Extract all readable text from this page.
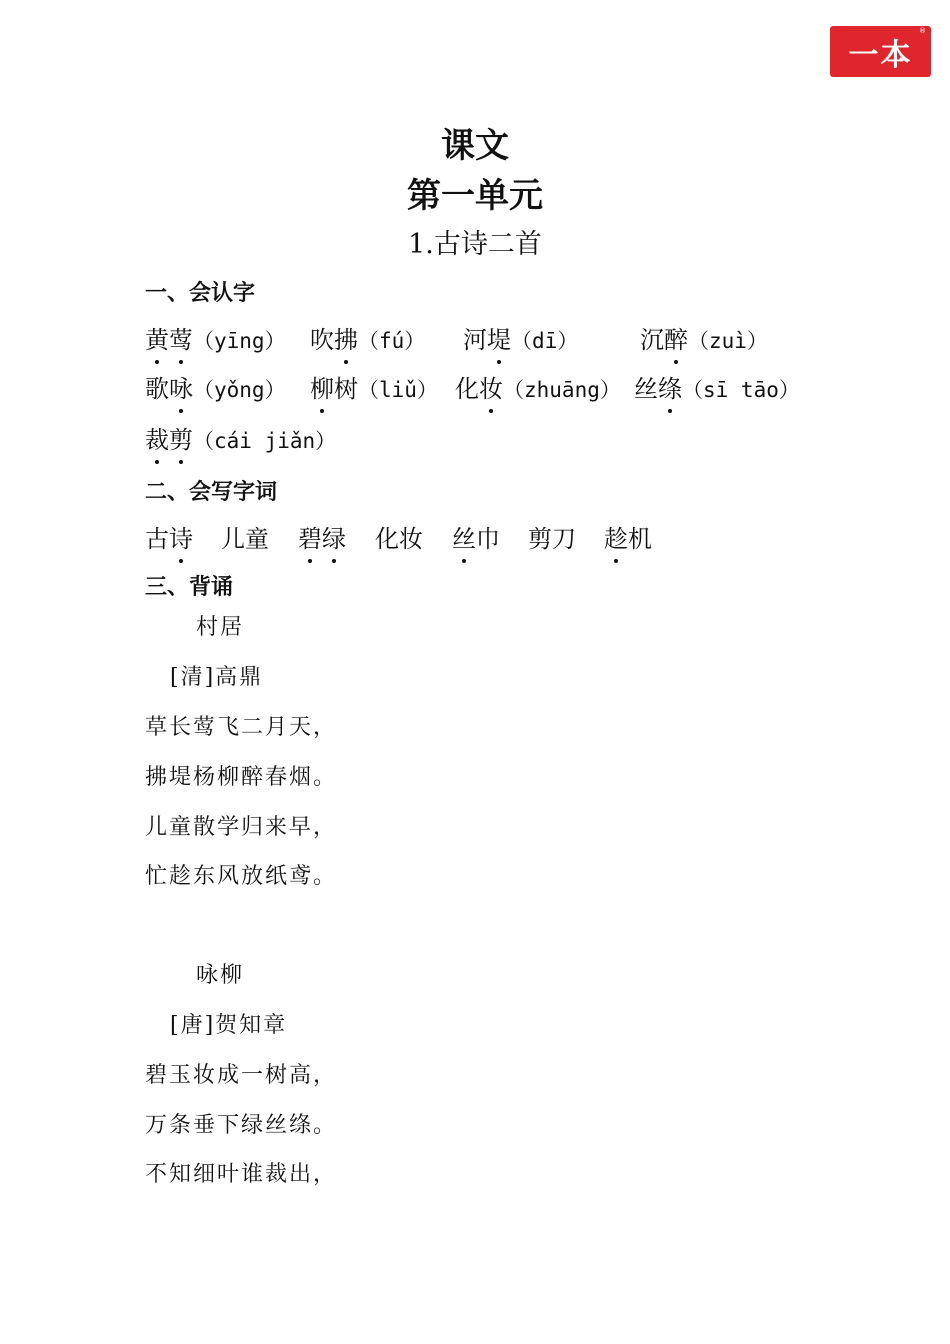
一本
®
课文
第一单元
1.古诗二首
一、会认字
黄莺（yīng） 吹拂（fú） 河堤（dī）	沉醉（zuì）
歌咏（yǒng） 柳树（liǔ） 化妆（zhuāng） 丝绦（sī tāo）
裁剪（cái jiǎn）
二、会写字词
古诗 儿童 碧绿 化妆 丝巾 剪刀 趁机
三、背诵
村居
[清]高鼎
草长莺飞二月天，
拂堤杨柳醉春烟。
儿童散学归来早，
忙趁东风放纸鸢。
咏柳
[唐]贺知章
碧玉妆成一树高，
万条垂下绿丝绦。
不知细叶谁裁出，
